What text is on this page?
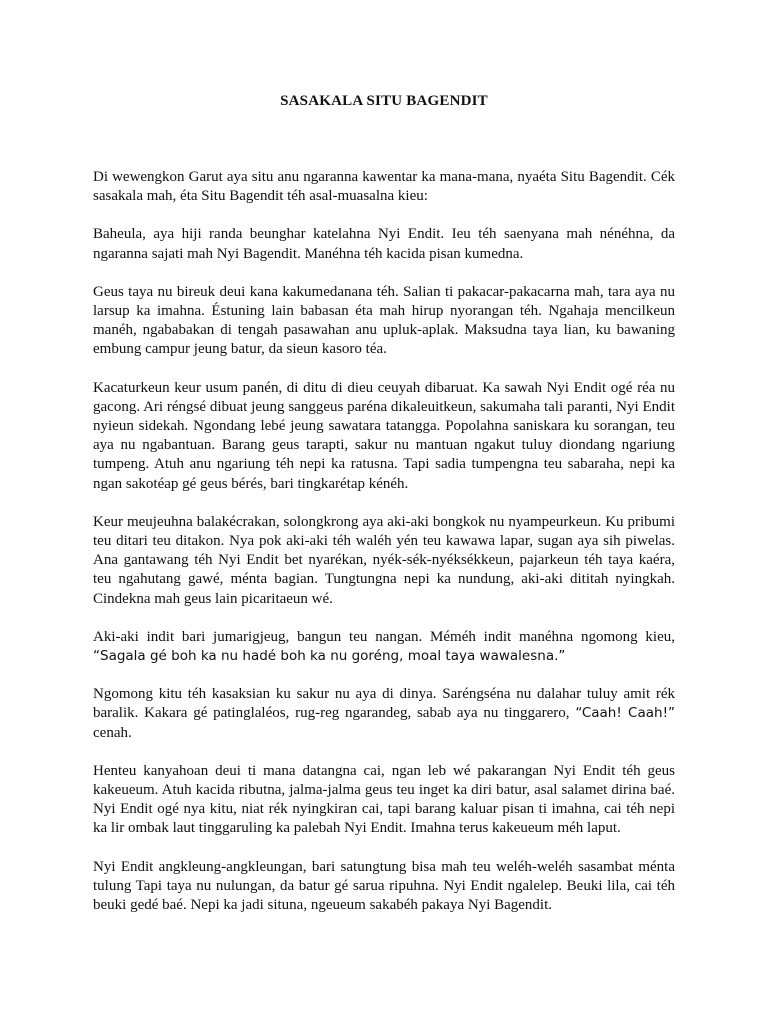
SASAKALA SITU BAGENDIT

Di wewengkon Garut aya situ anu ngaranna kawentar ka mana-mana, nyaéta Situ Bagendit. Cék sasakala mah, éta Situ Bagendit téh asal-muasalna kieu:

Baheula, aya hiji randa beunghar katelahna Nyi Endit. Ieu téh saenyana mah nénéhna, da ngaranna sajati mah Nyi Bagendit. Manéhna téh kacida pisan kumedna.

Geus taya nu bireuk deui kana kakumedanana téh. Salian ti pakacar-pakacarna mah, tara aya nu larsup ka imahna. Éstuning lain babasan éta mah hirup nyorangan téh. Ngahaja mencilkeun manéh, ngababakan di tengah pasawahan anu upluk-aplak. Maksudna taya lian, ku bawaning embung campur jeung batur, da sieun kasoro téa.

Kacaturkeun keur usum panén, di ditu di dieu ceuyah dibaruat. Ka sawah Nyi Endit ogé réa nu gacong. Ari réngsé dibuat jeung sanggeus paréna dikaleuitkeun, sakumaha tali paranti, Nyi Endit nyieun sidekah. Ngondang lebé jeung sawatara tatangga. Popolahna saniskara ku sorangan, teu aya nu ngabantuan. Barang geus tarapti, sakur nu mantuan ngakut tuluy diondang ngariung tumpeng. Atuh anu ngariung téh nepi ka ratusna. Tapi sadia tumpengna teu sabaraha, nepi ka ngan sakotéap gé geus bérés, bari tingkarétap kénéh.

Keur meujeuhna balakécrakan, solongkrong aya aki-aki bongkok nu nyampeurkeun. Ku pribumi teu ditari teu ditakon. Nya pok aki-aki téh waléh yén teu kawawa lapar, sugan aya sih piwelas. Ana gantawang téh Nyi Endit bet nyarékan, nyék-sék-nyéksékkeun, pajarkeun téh taya kaéra, teu ngahutang gawé, ménta bagian. Tungtungna nepi ka nundung, aki-aki dititah nyingkah. Cindekna mah geus lain picaritaeun wé.

Aki-aki indit bari jumarigjeug, bangun teu nangan. Méméh indit manéhna ngomong kieu, “Sagala gé boh ka nu hadé boh ka nu goréng, moal taya wawalesna.”

Ngomong kitu téh kasaksian ku sakur nu aya di dinya. Saréngséna nu dalahar tuluy amit rék baralik. Kakara gé patinglaléos, rug-reg ngarandeg, sabab aya nu tinggarero, “Caah! Caah!” cenah.

Henteu kanyahoan deui ti mana datangna cai, ngan leb wé pakarangan Nyi Endit téh geus kakeueum. Atuh kacida ributna, jalma-jalma geus teu inget ka diri batur, asal salamet dirina baé. Nyi Endit ogé nya kitu, niat rék nyingkiran cai, tapi barang kaluar pisan ti imahna, cai téh nepi ka lir ombak laut tinggaruling ka palebah Nyi Endit. Imahna terus kakeueum méh laput.

Nyi Endit angkleung-angkleungan, bari satungtung bisa mah teu weléh-weléh sasambat ménta tulung Tapi taya nu nulungan, da batur gé sarua ripuhna. Nyi Endit ngalelep. Beuki lila, cai téh beuki gedé baé. Nepi ka jadi situna, ngeueum sakabéh pakaya Nyi Bagendit.
